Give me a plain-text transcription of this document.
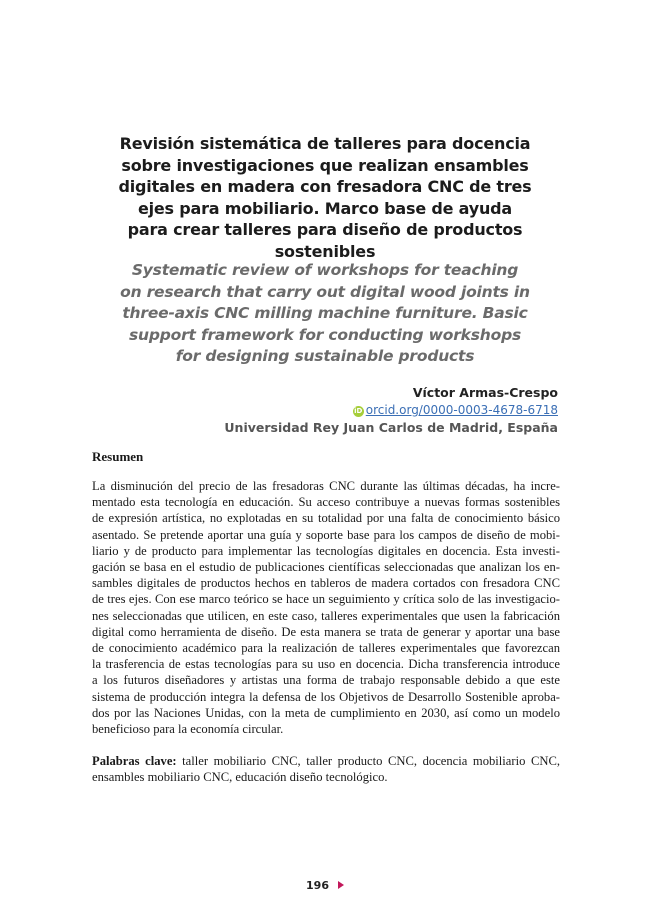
Revisión sistemática de talleres para docencia
sobre investigaciones que realizan ensambles
digitales en madera con fresadora CNC de tres
ejes para mobiliario. Marco base de ayuda
para crear talleres para diseño de productos
sostenibles
Systematic review of workshops for teaching
on research that carry out digital wood joints in
three-axis CNC milling machine furniture. Basic
support framework for conducting workshops
for designing sustainable products
Víctor Armas-Crespo
iD orcid.org/0000-0003-4678-6718
Universidad Rey Juan Carlos de Madrid, España
Resumen
La disminución del precio de las fresadoras CNC durante las últimas décadas, ha incre-
mentado esta tecnología en educación. Su acceso contribuye a nuevas formas sostenibles
de expresión artística, no explotadas en su totalidad por una falta de conocimiento básico
asentado. Se pretende aportar una guía y soporte base para los campos de diseño de mobi-
liario y de producto para implementar las tecnologías digitales en docencia. Esta investi-
gación se basa en el estudio de publicaciones científicas seleccionadas que analizan los en-
sambles digitales de productos hechos en tableros de madera cortados con fresadora CNC
de tres ejes. Con ese marco teórico se hace un seguimiento y crítica solo de las investigacio-
nes seleccionadas que utilicen, en este caso, talleres experimentales que usen la fabricación
digital como herramienta de diseño. De esta manera se trata de generar y aportar una base
de conocimiento académico para la realización de talleres experimentales que favorezcan
la trasferencia de estas tecnologías para su uso en docencia. Dicha transferencia introduce
a los futuros diseñadores y artistas una forma de trabajo responsable debido a que este
sistema de producción integra la defensa de los Objetivos de Desarrollo Sostenible aproba-
dos por las Naciones Unidas, con la meta de cumplimiento en 2030, así como un modelo
beneficioso para la economía circular.
Palabras clave: taller mobiliario CNC, taller producto CNC, docencia mobiliario CNC,
ensambles mobiliario CNC, educación diseño tecnológico.
196
